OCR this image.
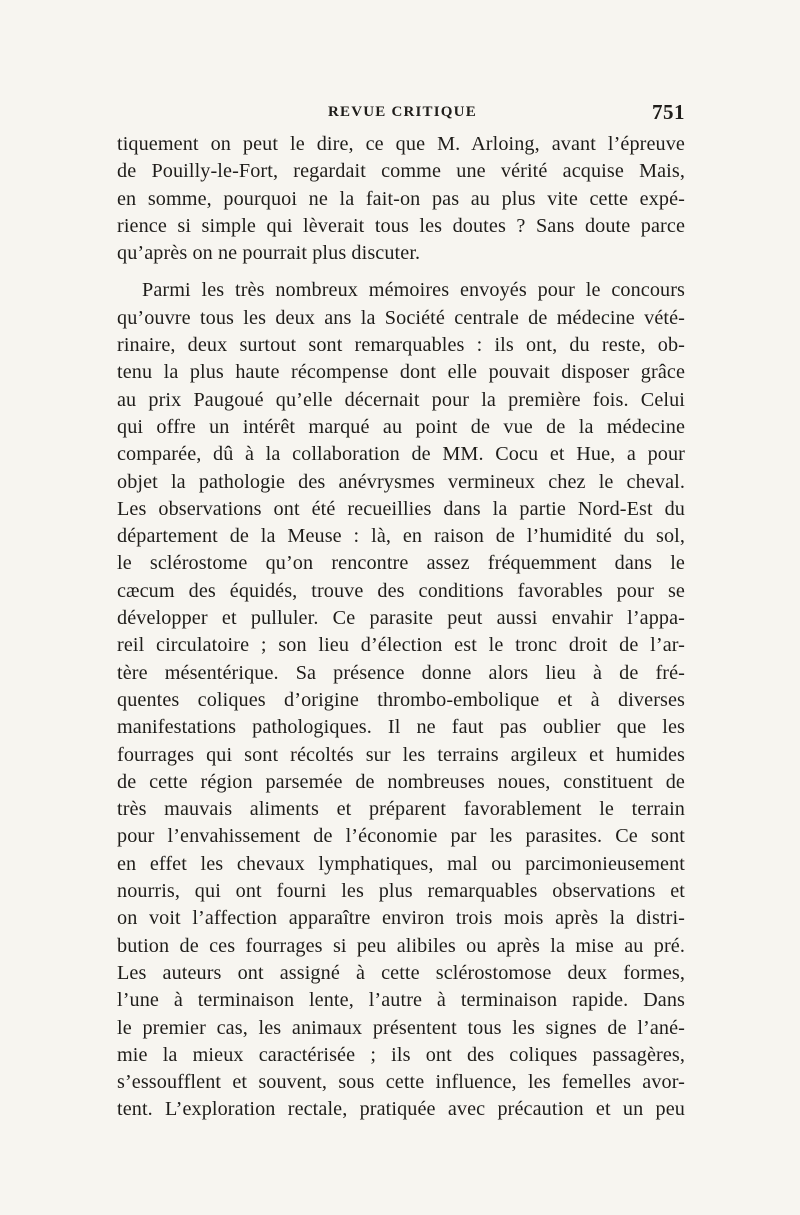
REVUE CRITIQUE	751
tiquement on peut le dire, ce que M. Arloing, avant l’épreuve
de Pouilly-le-Fort, regardait comme une vérité acquise Mais,
en somme, pourquoi ne la fait-on pas au plus vite cette expé-
rience si simple qui lèverait tous les doutes ? Sans doute parce
qu’après on ne pourrait plus discuter.
Parmi les très nombreux mémoires envoyés pour le concours
qu’ouvre tous les deux ans la Société centrale de médecine vété-
rinaire, deux surtout sont remarquables : ils ont, du reste, ob-
tenu la plus haute récompense dont elle pouvait disposer grâce
au prix Paugoué qu’elle décernait pour la première fois. Celui
qui offre un intérêt marqué au point de vue de la médecine
comparée, dû à la collaboration de MM. Cocu et Hue, a pour
objet la pathologie des anévrysmes vermineux chez le cheval.
Les observations ont été recueillies dans la partie Nord-Est du
département de la Meuse : là, en raison de l’humidité du sol,
le sclérostome qu’on rencontre assez fréquemment dans le
cæcum des équidés, trouve des conditions favorables pour se
développer et pulluler. Ce parasite peut aussi envahir l’appa-
reil circulatoire ; son lieu d’élection est le tronc droit de l’ar-
tère mésentérique. Sa présence donne alors lieu à de fré-
quentes coliques d’origine thrombo-embolique et à diverses
manifestations pathologiques. Il ne faut pas oublier que les
fourrages qui sont récoltés sur les terrains argileux et humides
de cette région parsemée de nombreuses noues, constituent de
très mauvais aliments et préparent favorablement le terrain
pour l’envahissement de l’économie par les parasites. Ce sont
en effet les chevaux lymphatiques, mal ou parcimonieusement
nourris, qui ont fourni les plus remarquables observations et
on voit l’affection apparaître environ trois mois après la distri-
bution de ces fourrages si peu alibiles ou après la mise au pré.
Les auteurs ont assigné à cette sclérostomose deux formes,
l’une à terminaison lente, l’autre à terminaison rapide. Dans
le premier cas, les animaux présentent tous les signes de l’ané-
mie la mieux caractérisée ; ils ont des coliques passagères,
s’essoufflent et souvent, sous cette influence, les femelles avor-
tent. L’exploration rectale, pratiquée avec précaution et un peu
